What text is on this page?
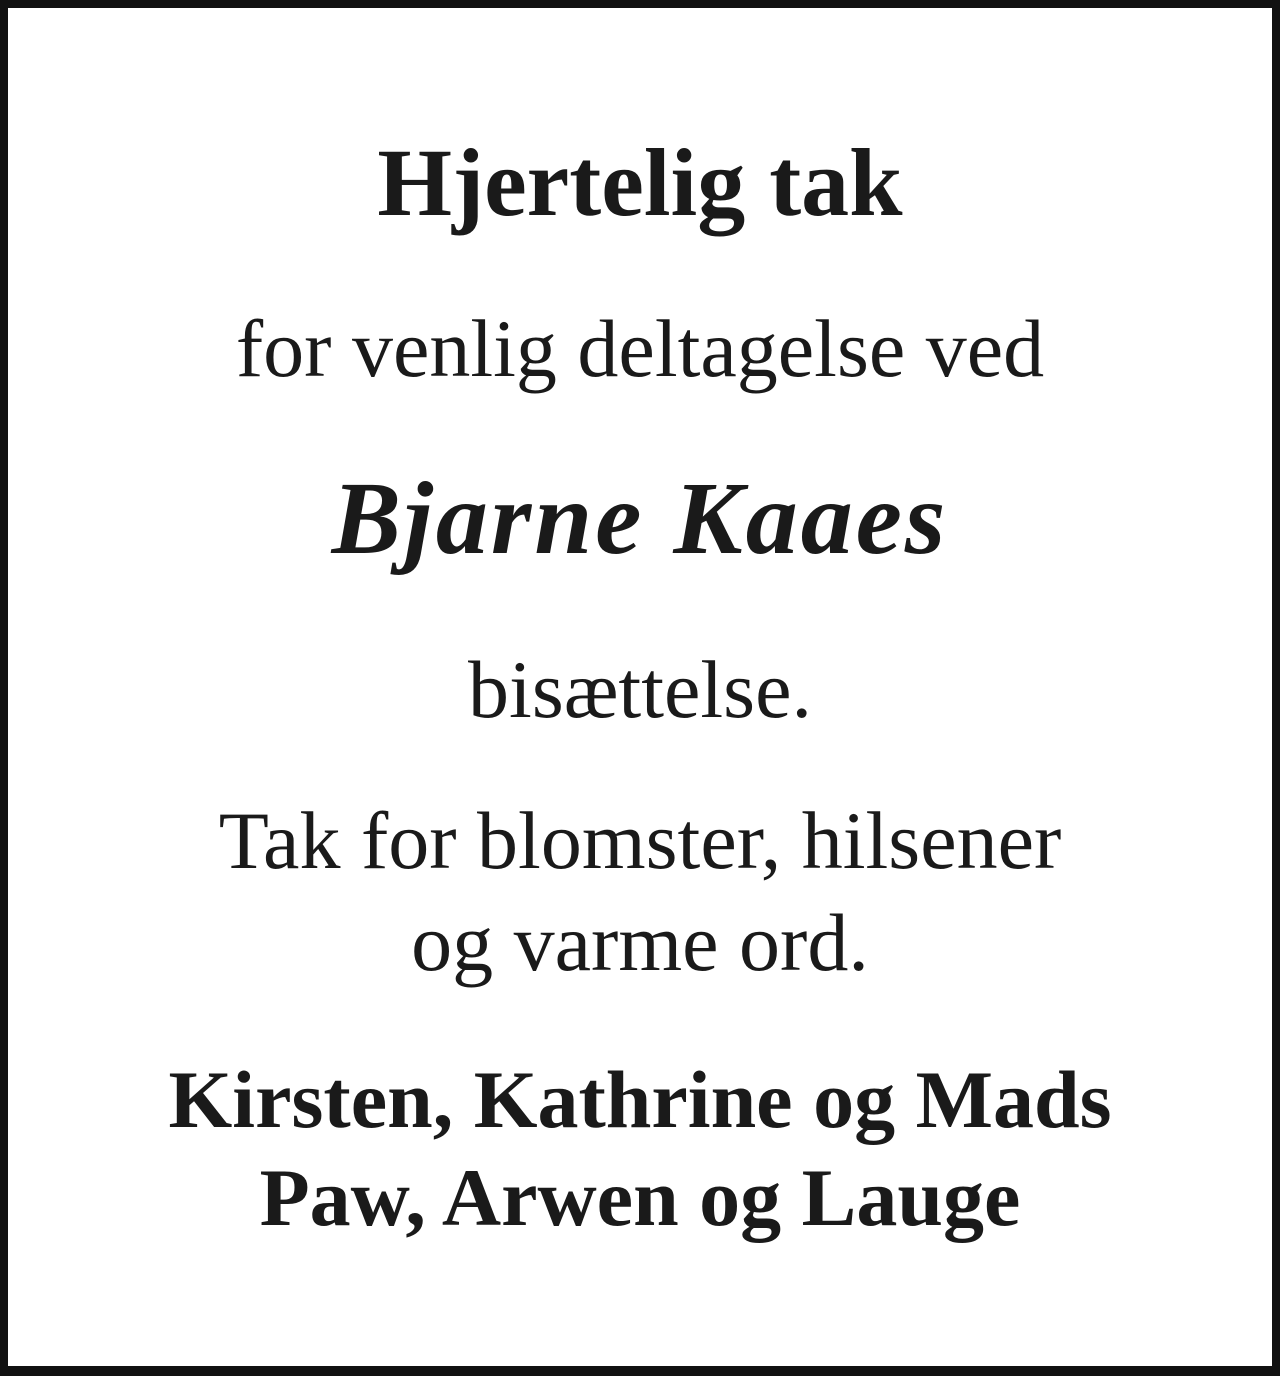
Hjertelig tak

for venlig deltagelse ved

Bjarne Kaaes

bisættelse.

Tak for blomster, hilsener

og varme ord.

Kirsten, Kathrine og Mads

Paw, Arwen og Lauge
